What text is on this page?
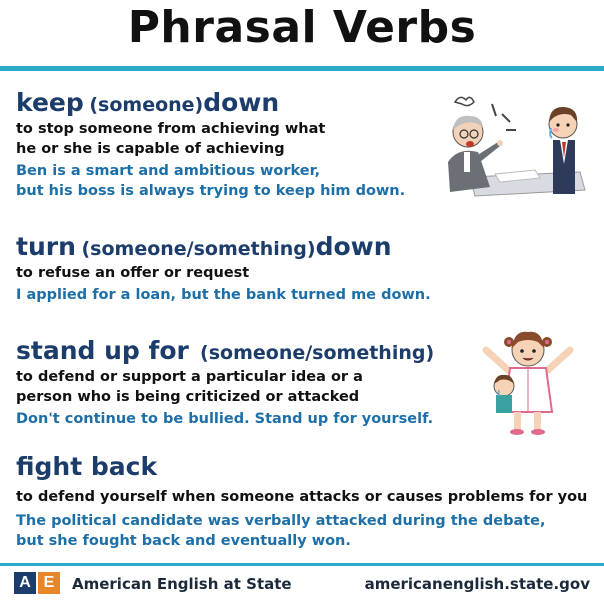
Phrasal Verbs
keep (someone)down
to stop someone from achieving what
he or she is capable of achieving
Ben is a smart and ambitious worker,
but his boss is always trying to keep him down.
turn (someone/something)down
to refuse an offer or request
I applied for a loan, but the bank turned me down.
stand up for (someone/something)
to defend or support a particular idea or a
person who is being criticized or attacked
Don't continue to be bullied. Stand up for yourself.
fight back
to defend yourself when someone attacks or causes problems for you
The political candidate was verbally attacked during the debate,
but she fought back and eventually won.
A E	American English at State	americanenglish.state.gov
